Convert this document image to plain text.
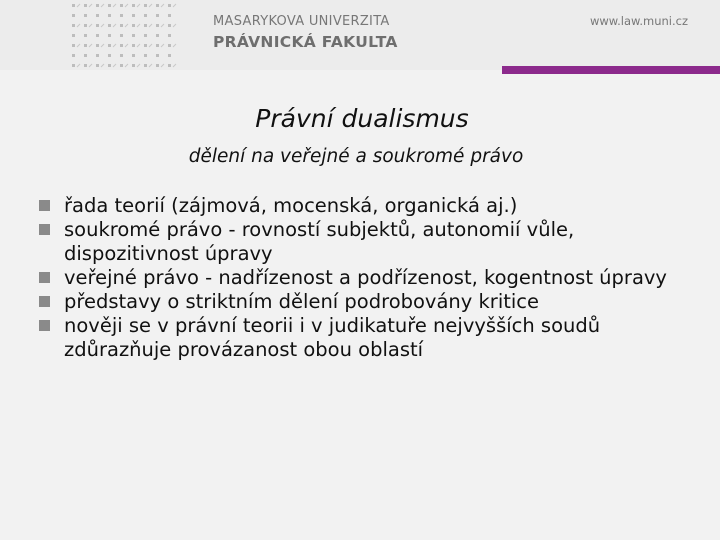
MASARYKOVA UNIVERZITA
PRÁVNICKÁ FAKULTA
www.law.muni.cz
Právní dualismus
dělení na veřejné a soukromé právo
řada teorií (zájmová, mocenská, organická aj.)
soukromé právo - rovností subjektů, autonomií vůle, dispozitivnost úpravy
veřejné právo - nadřízenost a podřízenost, kogentnost úpravy
představy o striktním dělení podrobovány kritice
nověji se v právní teorii i v judikatuře nejvyšších soudů zdůrazňuje provázanost obou oblastí
